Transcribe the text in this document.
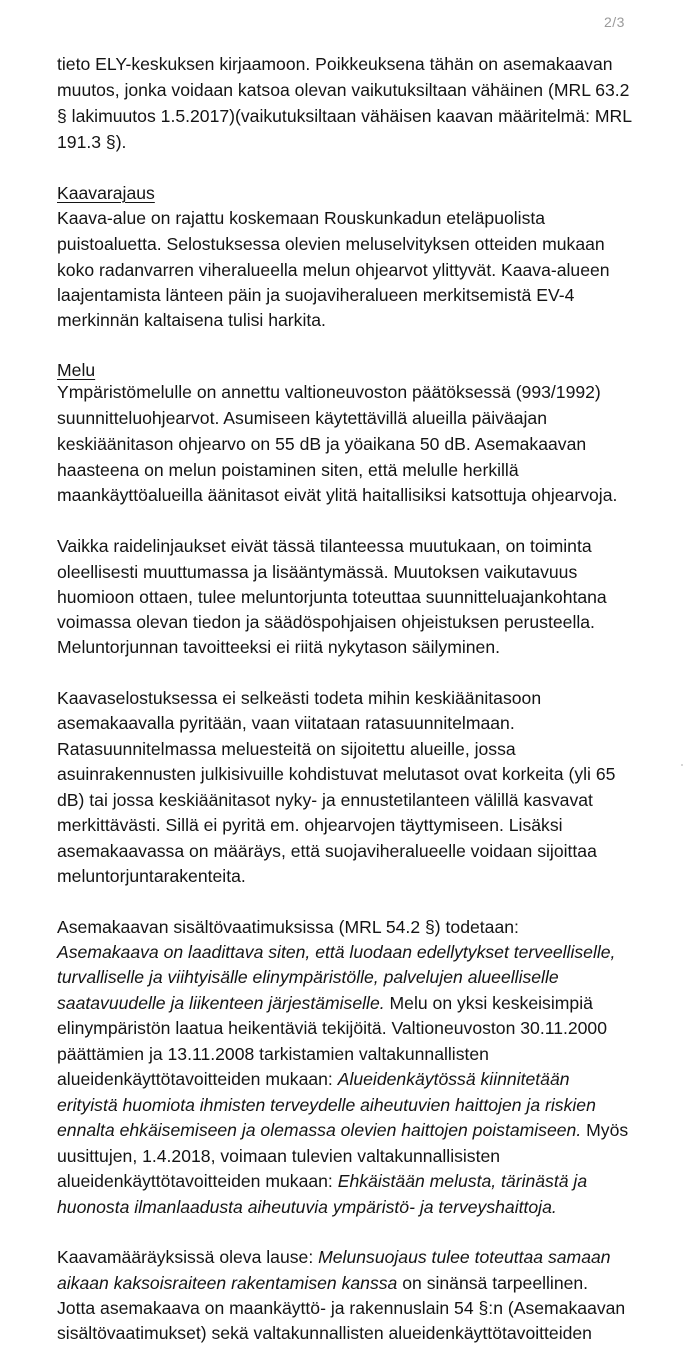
2/3
tieto ELY-keskuksen kirjaamoon. Poikkeuksena tähän on asemakaavan
muutos, jonka voidaan katsoa olevan vaikutuksiltaan vähäinen (MRL 63.2
§ lakimuutos 1.5.2017)(vaikutuksiltaan vähäisen kaavan määritelmä: MRL
191.3 §).
Kaavarajaus
Kaava-alue on rajattu koskemaan Rouskunkadun eteläpuolista
puistoaluetta. Selostuksessa olevien meluselvityksen otteiden mukaan
koko radanvarren viheralueella melun ohjearvot ylittyvät. Kaava-alueen
laajentamista länteen päin ja suojaviheralueen merkitsemistä EV-4
merkinnän kaltaisena tulisi harkita.
Melu
Ympäristömelulle on annettu valtioneuvoston päätöksessä (993/1992)
suunnitteluohjearvot. Asumiseen käytettävillä alueilla päiväajan
keskiäänitason ohjearvo on 55 dB ja yöaikana 50 dB. Asemakaavan
haasteena on melun poistaminen siten, että melulle herkillä
maankäyttöalueilla äänitasot eivät ylitä haitallisiksi katsottuja ohjearvoja.
Vaikka raidelinjaukset eivät tässä tilanteessa muutukaan, on toiminta
oleellisesti muuttumassa ja lisääntymässä. Muutoksen vaikutavuus
huomioon ottaen, tulee meluntorjunta toteuttaa suunnitteluajankohtana
voimassa olevan tiedon ja säädöspohjaisen ohjeistuksen perusteella.
Meluntorjunnan tavoitteeksi ei riitä nykytason säilyminen.
Kaavaselostuksessa ei selkeästi todeta mihin keskiäänitasoon
asemakaavalla pyritään, vaan viitataan ratasuunnitelmaan.
Ratasuunnitelmassa meluesteitä on sijoitettu alueille, jossa
asuinrakennusten julkisivuille kohdistuvat melutasot ovat korkeita (yli 65
dB) tai jossa keskiäänitasot nyky- ja ennustetilanteen välillä kasvavat
merkittävästi. Sillä ei pyritä em. ohjearvojen täyttymiseen. Lisäksi
asemakaavassa on määräys, että suojaviheralueelle voidaan sijoittaa
meluntorjuntarakenteita.
Asemakaavan sisältövaatimuksissa (MRL 54.2 §) todetaan:
Asemakaava on laadittava siten, että luodaan edellytykset terveelliselle,
turvalliselle ja viihtyisälle elinympäristölle, palvelujen alueelliselle
saatavuudelle ja liikenteen järjestämiselle. Melu on yksi keskeisimpiä
elinympäristön laatua heikentäviä tekijöitä. Valtioneuvoston 30.11.2000
päättämien ja 13.11.2008 tarkistamien valtakunnallisten
alueidenkäyttötavoitteiden mukaan: Alueidenkäytössä kiinnitetään
erityistä huomiota ihmisten terveydelle aiheutuvien haittojen ja riskien
ennalta ehkäisemiseen ja olemassa olevien haittojen poistamiseen. Myös
uusittujen, 1.4.2018, voimaan tulevien valtakunnallisisten
alueidenkäyttötavoitteiden mukaan: Ehkäistään melusta, tärinästä ja
huonosta ilmanlaadusta aiheutuvia ympäristö- ja terveyshaittoja.
Kaavamääräyksissä oleva lause: Melunsuojaus tulee toteuttaa samaan
aikaan kaksoisraiteen rakentamisen kanssa on sinänsä tarpeellinen.
Jotta asemakaava on maankäyttö- ja rakennuslain 54 §:n (Asemakaavan
sisältövaatimukset) sekä valtakunnallisten alueidenkäyttötavoitteiden
